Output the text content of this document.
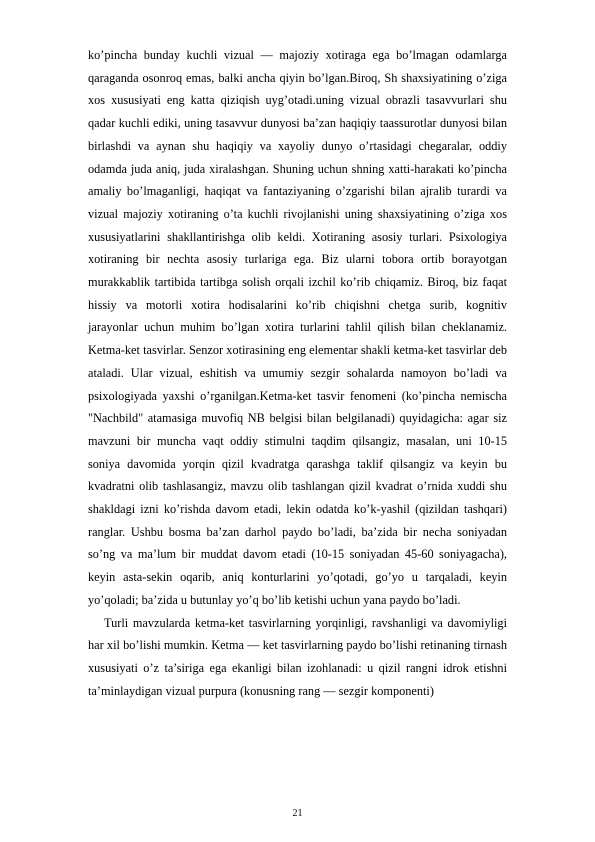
ko’pincha bunday kuchli vizual — majoziy xotiraga ega bo’lmagan odamlarga qaraganda osonroq emas, balki ancha qiyin bo’lgan.Biroq, Sh shaxsiyatining o’ziga xos xususiyati eng katta qiziqish uyg’otadi.uning vizual obrazli tasavvurlari shu qadar kuchli ediki, uning tasavvur dunyosi ba’zan haqiqiy taassurotlar dunyosi bilan birlashdi va aynan shu haqiqiy va xayoliy dunyo o’rtasidagi chegaralar, oddiy odamda juda aniq, juda xiralashgan. Shuning uchun shning xatti-harakati ko’pincha amaliy bo’lmaganligi, haqiqat va fantaziyaning o’zgarishi bilan ajralib turardi va vizual majoziy xotiraning o’ta kuchli rivojlanishi uning shaxsiyatining o’ziga xos xususiyatlarini shakllantirishga olib keldi. Xotiraning asosiy turlari. Psixologiya xotiraning bir nechta asosiy turlariga ega. Biz ularni tobora ortib borayotgan murakkablik tartibida tartibga solish orqali izchil ko’rib chiqamiz. Biroq, biz faqat hissiy va motorli xotira hodisalarini ko’rib chiqishni chetga surib, kognitiv jarayonlar uchun muhim bo’lgan xotira turlarini tahlil qilish bilan cheklanamiz. Ketma-ket tasvirlar. Senzor xotirasining eng elementar shakli ketma-ket tasvirlar deb ataladi. Ular vizual, eshitish va umumiy sezgir sohalarda namoyon bo’ladi va psixologiyada yaxshi o’rganilgan.Ketma-ket tasvir fenomeni (ko’pincha nemischa "Nachbild" atamasiga muvofiq NB belgisi bilan belgilanadi) quyidagicha: agar siz mavzuni bir muncha vaqt oddiy stimulni taqdim qilsangiz, masalan, uni 10-15 soniya davomida yorqin qizil kvadratga qarashga taklif qilsangiz va keyin bu kvadratni olib tashlasangiz, mavzu olib tashlangan qizil kvadrat o’rnida xuddi shu shakldagi izni ko’rishda davom etadi, lekin odatda ko’k-yashil (qizildan tashqari) ranglar. Ushbu bosma ba’zan darhol paydo bo’ladi, ba’zida bir necha soniyadan so’ng va ma’lum bir muddat davom etadi (10-15 soniyadan 45-60 soniyagacha), keyin asta-sekin oqarib, aniq konturlarini yo’qotadi, go’yo u tarqaladi, keyin yo’qoladi; ba’zida u butunlay yo’q bo’lib ketishi uchun yana paydo bo’ladi.

Turli mavzularda ketma-ket tasvirlarning yorqinligi, ravshanligi va davomiyligi har xil bo’lishi mumkin. Ketma — ket tasvirlarning paydo bo’lishi retinaning tirnash xususiyati o’z ta’siriga ega ekanligi bilan izohlanadi: u qizil rangni idrok etishni ta’minlaydigan vizual purpura (konusning rang — sezgir komponenti)

21
